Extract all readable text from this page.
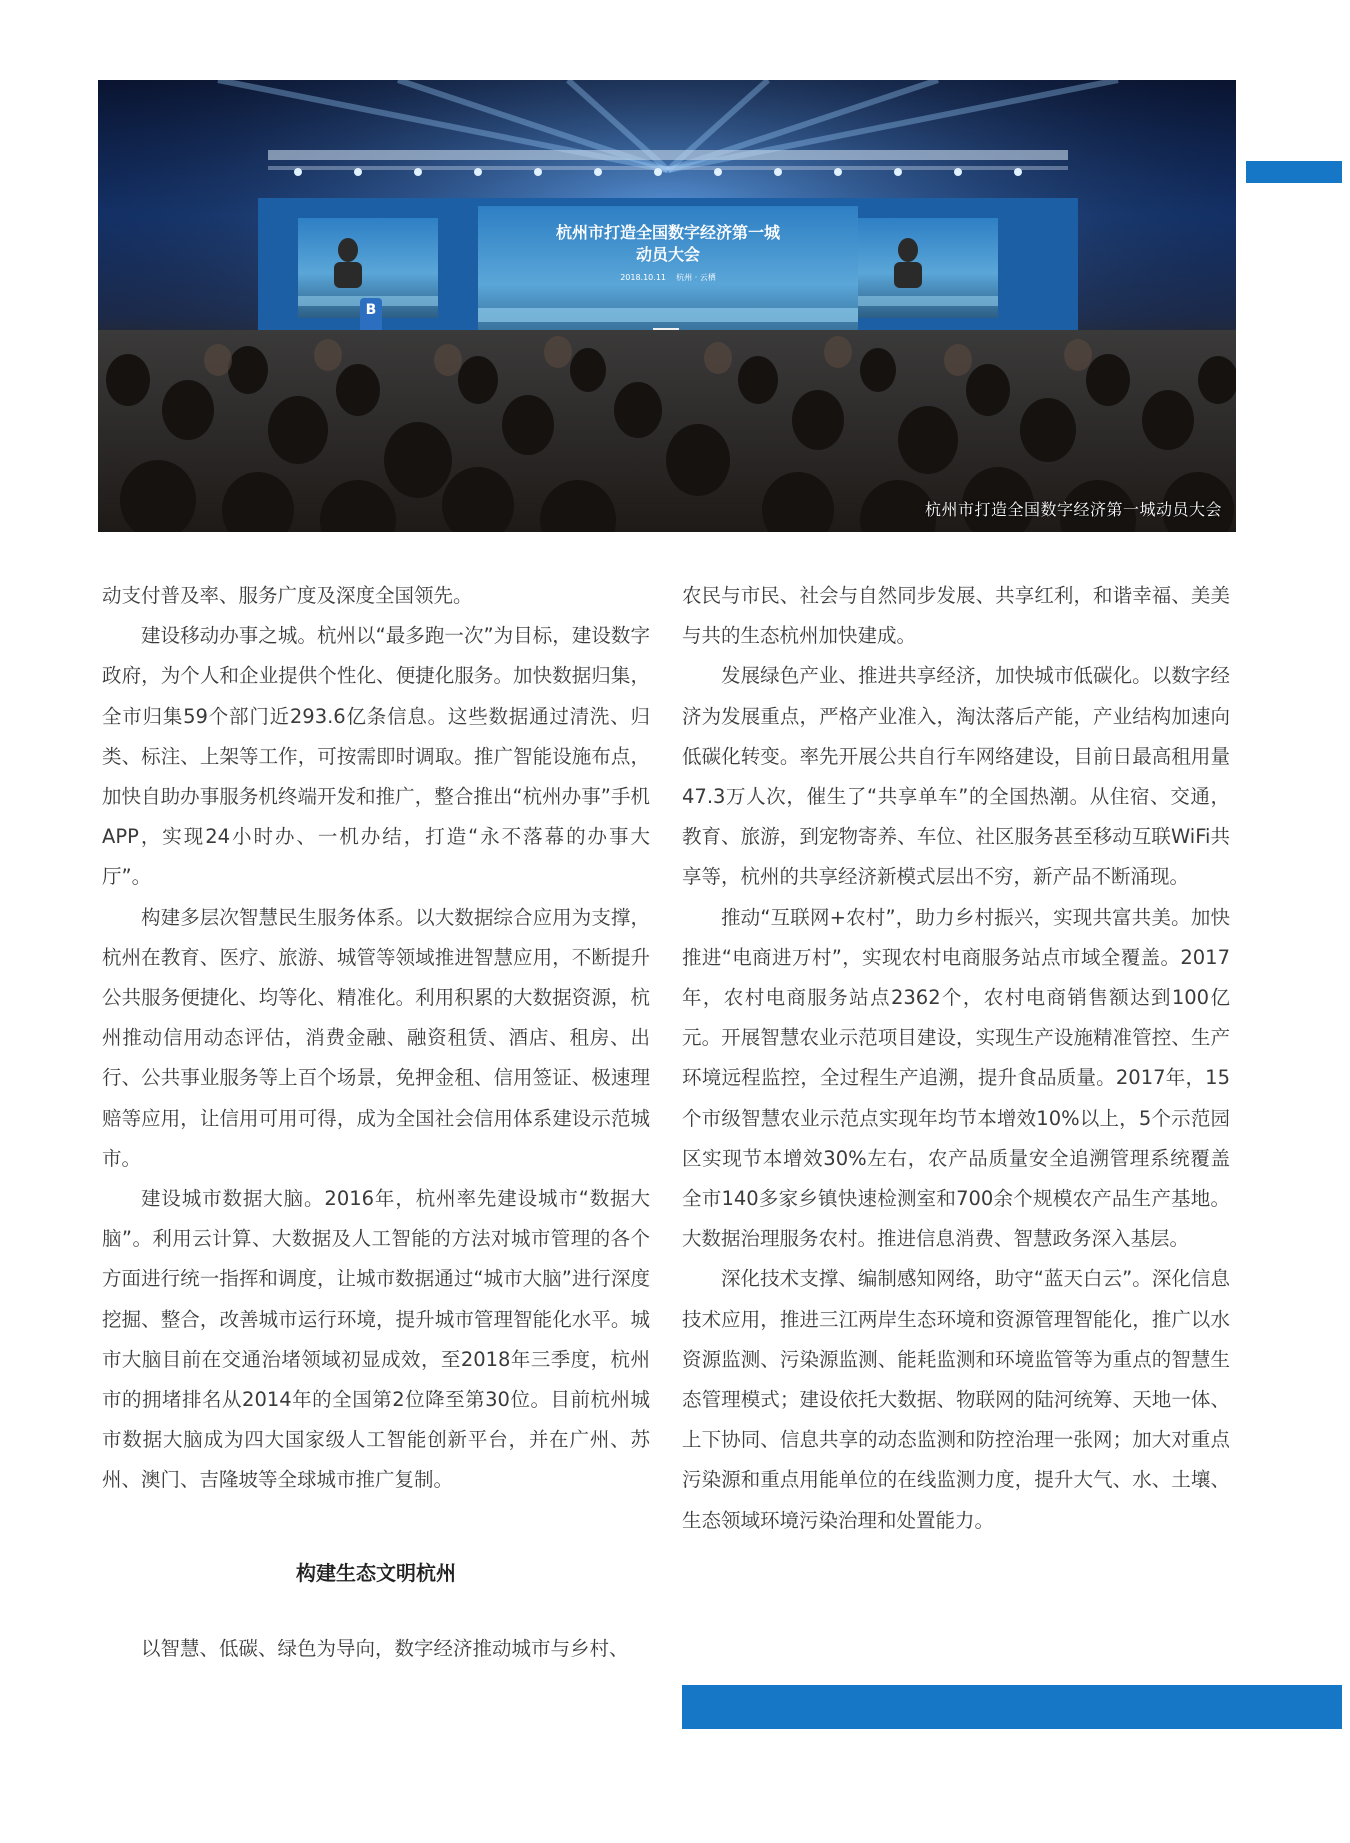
杭州市打造全国数字经济第一城
动员大会
2018.10.11 杭州 · 云栖
B
杭州市打造全国数字经济第一城动员大会

动支付普及率、服务广度及深度全国领先。

建设移动办事之城。杭州以“最多跑一次”为目标，建设数字政府，为个人和企业提供个性化、便捷化服务。加快数据归集，全市归集59个部门近293.6亿条信息。这些数据通过清洗、归类、标注、上架等工作，可按需即时调取。推广智能设施布点，加快自助办事服务机终端开发和推广，整合推出“杭州办事”手机APP，实现24小时办、一机办结，打造“永不落幕的办事大厅”。

构建多层次智慧民生服务体系。以大数据综合应用为支撑，杭州在教育、医疗、旅游、城管等领域推进智慧应用，不断提升公共服务便捷化、均等化、精准化。利用积累的大数据资源，杭州推动信用动态评估，消费金融、融资租赁、酒店、租房、出行、公共事业服务等上百个场景，免押金租、信用签证、极速理赔等应用，让信用可用可得，成为全国社会信用体系建设示范城市。

建设城市数据大脑。2016年，杭州率先建设城市“数据大脑”。利用云计算、大数据及人工智能的方法对城市管理的各个方面进行统一指挥和调度，让城市数据通过“城市大脑”进行深度挖掘、整合，改善城市运行环境，提升城市管理智能化水平。城市大脑目前在交通治堵领域初显成效，至2018年三季度，杭州市的拥堵排名从2014年的全国第2位降至第30位。目前杭州城市数据大脑成为四大国家级人工智能创新平台，并在广州、苏州、澳门、吉隆坡等全球城市推广复制。

构建生态文明杭州

以智慧、低碳、绿色为导向，数字经济推动城市与乡村、

农民与市民、社会与自然同步发展、共享红利，和谐幸福、美美与共的生态杭州加快建成。

发展绿色产业、推进共享经济，加快城市低碳化。以数字经济为发展重点，严格产业准入，淘汰落后产能，产业结构加速向低碳化转变。率先开展公共自行车网络建设，目前日最高租用量47.3万人次，催生了“共享单车”的全国热潮。从住宿、交通，教育、旅游，到宠物寄养、车位、社区服务甚至移动互联WiFi共享等，杭州的共享经济新模式层出不穷，新产品不断涌现。

推动“互联网+农村”，助力乡村振兴，实现共富共美。加快推进“电商进万村”，实现农村电商服务站点市域全覆盖。2017年，农村电商服务站点2362个，农村电商销售额达到100亿元。开展智慧农业示范项目建设，实现生产设施精准管控、生产环境远程监控，全过程生产追溯，提升食品质量。2017年，15个市级智慧农业示范点实现年均节本增效10%以上，5个示范园区实现节本增效30%左右，农产品质量安全追溯管理系统覆盖全市140多家乡镇快速检测室和700余个规模农产品生产基地。大数据治理服务农村。推进信息消费、智慧政务深入基层。

深化技术支撑、编制感知网络，助守“蓝天白云”。深化信息技术应用，推进三江两岸生态环境和资源管理智能化，推广以水资源监测、污染源监测、能耗监测和环境监管等为重点的智慧生态管理模式；建设依托大数据、物联网的陆河统筹、天地一体、上下协同、信息共享的动态监测和防控治理一张网；加大对重点污染源和重点用能单位的在线监测力度，提升大气、水、土壤、生态领域环境污染治理和处置能力。
